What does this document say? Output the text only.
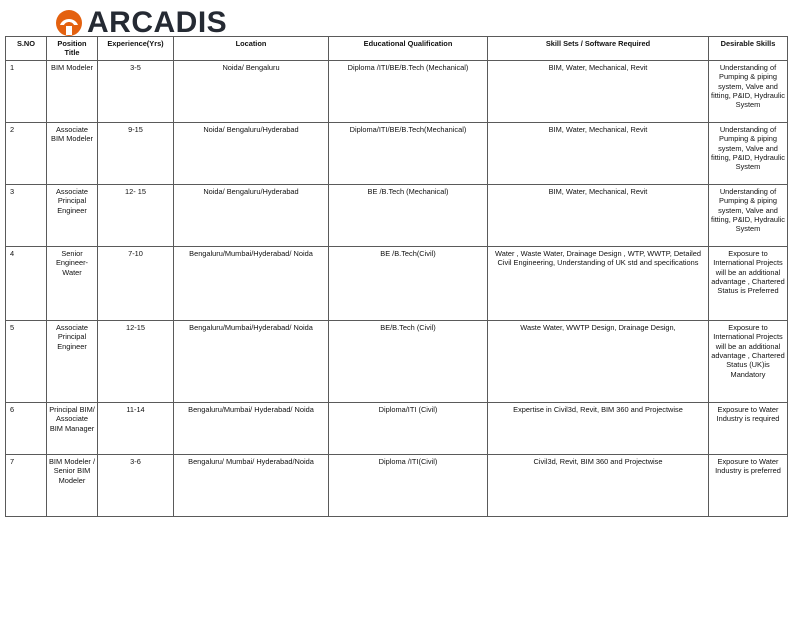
ARCADIS
S.NO	Position Title	Experience(Yrs)	Location	Educational Qualification	Skill Sets / Software Required	Desirable Skills
1	BIM Modeler	3-5	Noida/ Bengaluru	Diploma /ITI/BE/B.Tech (Mechanical)	BIM, Water, Mechanical, Revit	Understanding of Pumping & piping system, Valve and fitting, P&ID, Hydraulic System
2	Associate BIM Modeler	9-15	Noida/ Bengaluru/Hyderabad	Diploma/ITI/BE/B.Tech(Mechanical)	BIM, Water, Mechanical, Revit	Understanding of Pumping & piping system, Valve and fitting, P&ID, Hydraulic System
3	Associate Principal Engineer	12- 15	Noida/ Bengaluru/Hyderabad	BE /B.Tech (Mechanical)	BIM, Water, Mechanical, Revit	Understanding of Pumping & piping system, Valve and fitting, P&ID, Hydraulic System
4	Senior Engineer- Water	7-10	Bengaluru/Mumbai/Hyderabad/ Noida	BE /B.Tech(Civil)	Water , Waste Water, Drainage Design , WTP, WWTP, Detailed Civil Engineering, Understanding of UK std and specifications	Exposure to International Projects will be an additional advantage , Chartered Status is Preferred
5	Associate Principal Engineer	12-15	Bengaluru/Mumbai/Hyderabad/ Noida	BE/B.Tech (Civil)	Waste Water, WWTP Design, Drainage Design,	Exposure to International Projects will be an additional advantage , Chartered Status (UK)is Mandatory
6	Principal BIM/ Associate BIM Manager	11-14	Bengaluru/Mumbai/ Hyderabad/ Noida	Diploma/ITI (Civil)	Expertise in Civil3d, Revit, BIM 360 and Projectwise	Exposure to Water Industry is required
7	BIM Modeler / Senior BIM Modeler	3-6	Bengaluru/ Mumbai/ Hyderabad/Noida	Diploma /ITI(Civil)	Civil3d, Revit, BIM 360 and Projectwise	Exposure to Water Industry is preferred
